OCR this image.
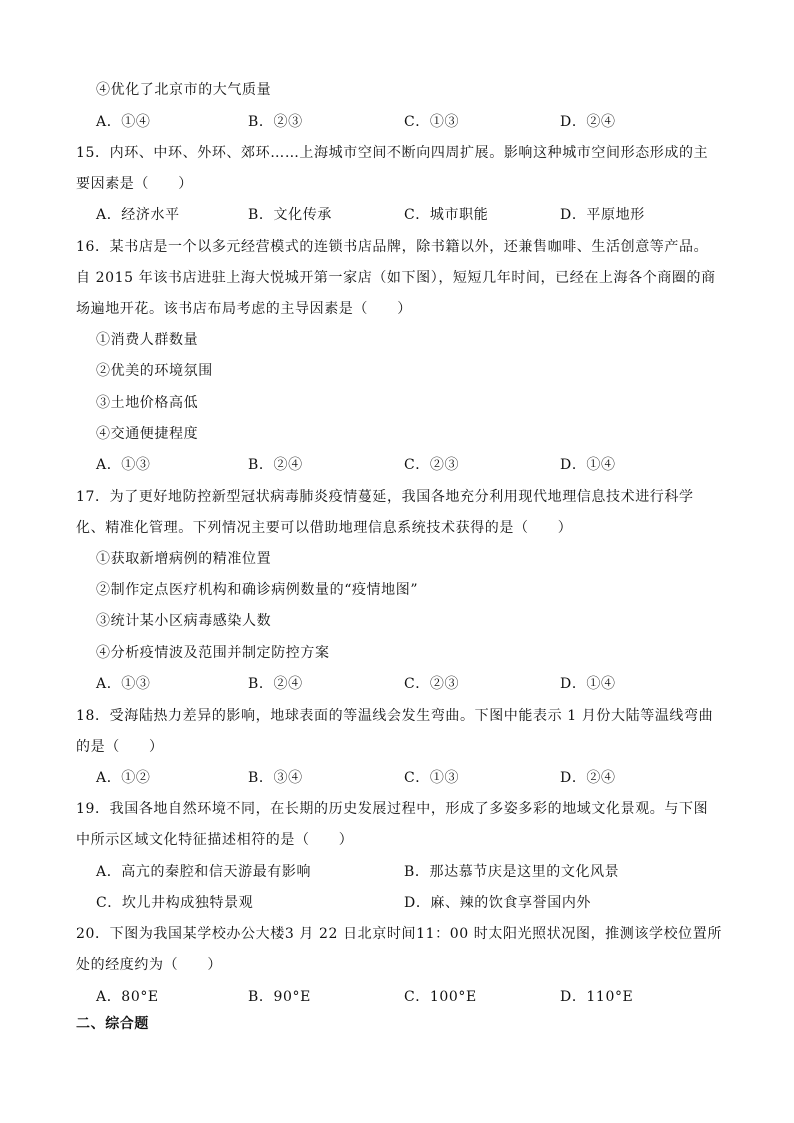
④优化了北京市的大气质量
A．①④	B．②③	C．①③	D．②④
15．内环、中环、外环、郊环……上海城市空间不断向四周扩展。影响这种城市空间形态形成的主
要因素是（　　）
A．经济水平	B．文化传承	C．城市职能	D．平原地形
16．某书店是一个以多元经营模式的连锁书店品牌，除书籍以外，还兼售咖啡、生活创意等产品。
自 2015 年该书店进驻上海大悦城开第一家店（如下图），短短几年时间，已经在上海各个商圈的商
场遍地开花。该书店布局考虑的主导因素是（　　）
①消费人群数量
②优美的环境氛围
③土地价格高低
④交通便捷程度
A．①③	B．②④	C．②③	D．①④
17．为了更好地防控新型冠状病毒肺炎疫情蔓延，我国各地充分利用现代地理信息技术进行科学
化、精准化管理。下列情况主要可以借助地理信息系统技术获得的是（　　）
①获取新增病例的精准位置
②制作定点医疗机构和确诊病例数量的“疫情地图”
③统计某小区病毒感染人数
④分析疫情波及范围并制定防控方案
A．①③	B．②④	C．②③	D．①④
18．受海陆热力差异的影响，地球表面的等温线会发生弯曲。下图中能表示 1 月份大陆等温线弯曲
的是（　　）
A．①②	B．③④	C．①③	D．②④
19．我国各地自然环境不同，在长期的历史发展过程中，形成了多姿多彩的地域文化景观。与下图
中所示区域文化特征描述相符的是（　　）
A．高亢的秦腔和信天游最有影响	B．那达慕节庆是这里的文化风景
C．坎儿井构成独特景观	D．麻、辣的饮食享誉国内外
20．下图为我国某学校办公大楼3 月 22 日北京时间11：00 时太阳光照状况图，推测该学校位置所
处的经度约为（　　）
A．80°E	B．90°E	C．100°E	D．110°E
二、综合题
